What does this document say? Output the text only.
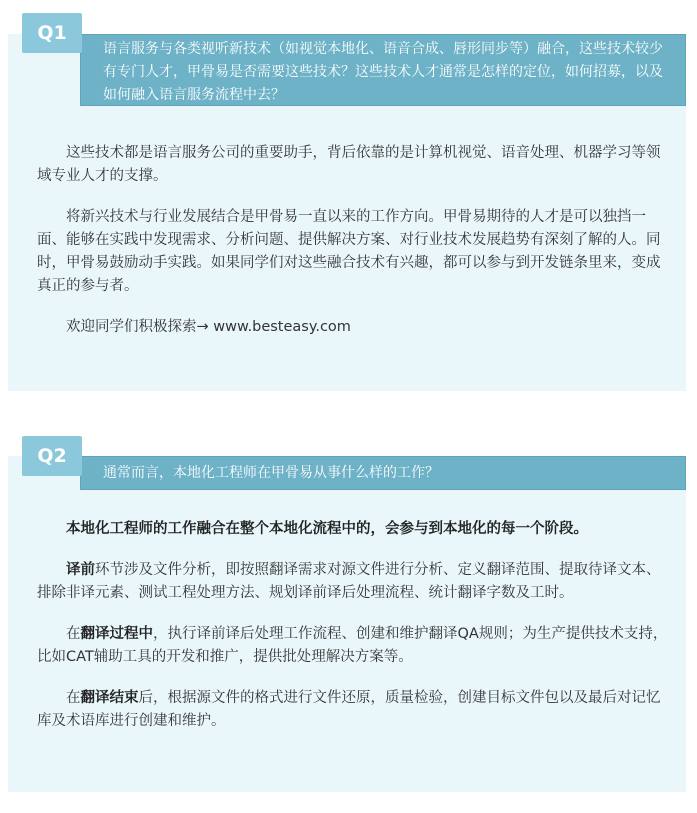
Q1
语言服务与各类视听新技术（如视觉本地化、语音合成、唇形同步等）融合，这些技术较少有专门人才，甲骨易是否需要这些技术？这些技术人才通常是怎样的定位，如何招募，以及如何融入语言服务流程中去？

这些技术都是语言服务公司的重要助手，背后依靠的是计算机视觉、语音处理、机器学习等领域专业人才的支撑。

将新兴技术与行业发展结合是甲骨易一直以来的工作方向。甲骨易期待的人才是可以独挡一面、能够在实践中发现需求、分析问题、提供解决方案、对行业技术发展趋势有深刻了解的人。同时，甲骨易鼓励动手实践。如果同学们对这些融合技术有兴趣，都可以参与到开发链条里来，变成真正的参与者。

欢迎同学们积极探索→ www.besteasy.com

Q2
通常而言，本地化工程师在甲骨易从事什么样的工作？

本地化工程师的工作融合在整个本地化流程中的，会参与到本地化的每一个阶段。

译前环节涉及文件分析，即按照翻译需求对源文件进行分析、定义翻译范围、提取待译文本、排除非译元素、测试工程处理方法、规划译前译后处理流程、统计翻译字数及工时。

在翻译过程中，执行译前译后处理工作流程、创建和维护翻译QA规则；为生产提供技术支持，比如CAT辅助工具的开发和推广，提供批处理解决方案等。

在翻译结束后，根据源文件的格式进行文件还原，质量检验，创建目标文件包以及最后对记忆库及术语库进行创建和维护。
